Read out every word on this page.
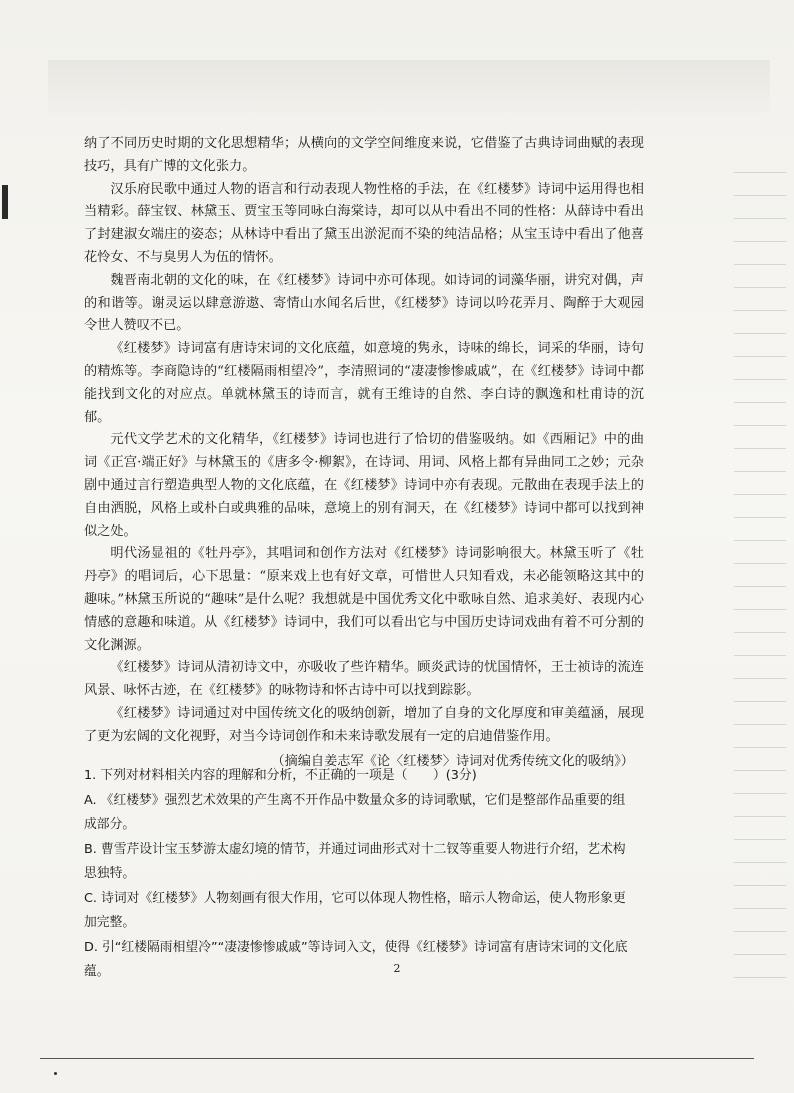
纳了不同历史时期的文化思想精华；从横向的文学空间维度来说，它借鉴了古典诗词曲赋的表现技巧，具有广博的文化张力。

汉乐府民歌中通过人物的语言和行动表现人物性格的手法，在《红楼梦》诗词中运用得也相当精彩。薛宝钗、林黛玉、贾宝玉等同咏白海棠诗，却可以从中看出不同的性格：从薛诗中看出了封建淑女端庄的姿态；从林诗中看出了黛玉出淤泥而不染的纯洁品格；从宝玉诗中看出了他喜花怜女、不与臭男人为伍的情怀。

魏晋南北朝的文化的味，在《红楼梦》诗词中亦可体现。如诗词的词藻华丽，讲究对偶，声的和谐等。谢灵运以肆意游遨、寄情山水闻名后世，《红楼梦》诗词以吟花弄月、陶醉于大观园令世人赞叹不已。

《红楼梦》诗词富有唐诗宋词的文化底蕴，如意境的隽永，诗味的绵长，词采的华丽，诗句的精炼等。李商隐诗的“红楼隔雨相望冷”，李清照词的“凄凄惨惨戚戚”，在《红楼梦》诗词中都能找到文化的对应点。单就林黛玉的诗而言，就有王维诗的自然、李白诗的飘逸和杜甫诗的沉郁。

元代文学艺术的文化精华，《红楼梦》诗词也进行了恰切的借鉴吸纳。如《西厢记》中的曲词《正宫·端正好》与林黛玉的《唐多令·柳絮》，在诗词、用词、风格上都有异曲同工之妙；元杂剧中通过言行塑造典型人物的文化底蕴，在《红楼梦》诗词中亦有表现。元散曲在表现手法上的自由洒脱，风格上或朴白或典雅的品味，意境上的别有洞天，在《红楼梦》诗词中都可以找到神似之处。

明代汤显祖的《牡丹亭》，其唱词和创作方法对《红楼梦》诗词影响很大。林黛玉听了《牡丹亭》的唱词后，心下思量：“原来戏上也有好文章，可惜世人只知看戏，未必能领略这其中的趣味。”林黛玉所说的“趣味”是什么呢？我想就是中国优秀文化中歌咏自然、追求美好、表现内心情感的意趣和味道。从《红楼梦》诗词中，我们可以看出它与中国历史诗词戏曲有着不可分割的文化渊源。

《红楼梦》诗词从清初诗文中，亦吸收了些许精华。顾炎武诗的忧国情怀，王士祯诗的流连风景、咏怀古迹，在《红楼梦》的咏物诗和怀古诗中可以找到踪影。

《红楼梦》诗词通过对中国传统文化的吸纳创新，增加了自身的文化厚度和审美蕴涵，展现了更为宏阔的文化视野，对当今诗词创作和未来诗歌发展有一定的启迪借鉴作用。

（摘编自姜志军《论〈红楼梦〉诗词对优秀传统文化的吸纳》）

1. 下列对材料相关内容的理解和分析，不正确的一项是（　　）(3分)

A. 《红楼梦》强烈艺术效果的产生离不开作品中数量众多的诗词歌赋，它们是整部作品重要的组成部分。

B. 曹雪芹设计宝玉梦游太虚幻境的情节，并通过词曲形式对十二钗等重要人物进行介绍，艺术构思独特。

C. 诗词对《红楼梦》人物刻画有很大作用，它可以体现人物性格，暗示人物命运，使人物形象更加完整。

D. 引“红楼隔雨相望冷”“凄凄惨惨戚戚”等诗词入文，使得《红楼梦》诗词富有唐诗宋词的文化底蕴。	2
